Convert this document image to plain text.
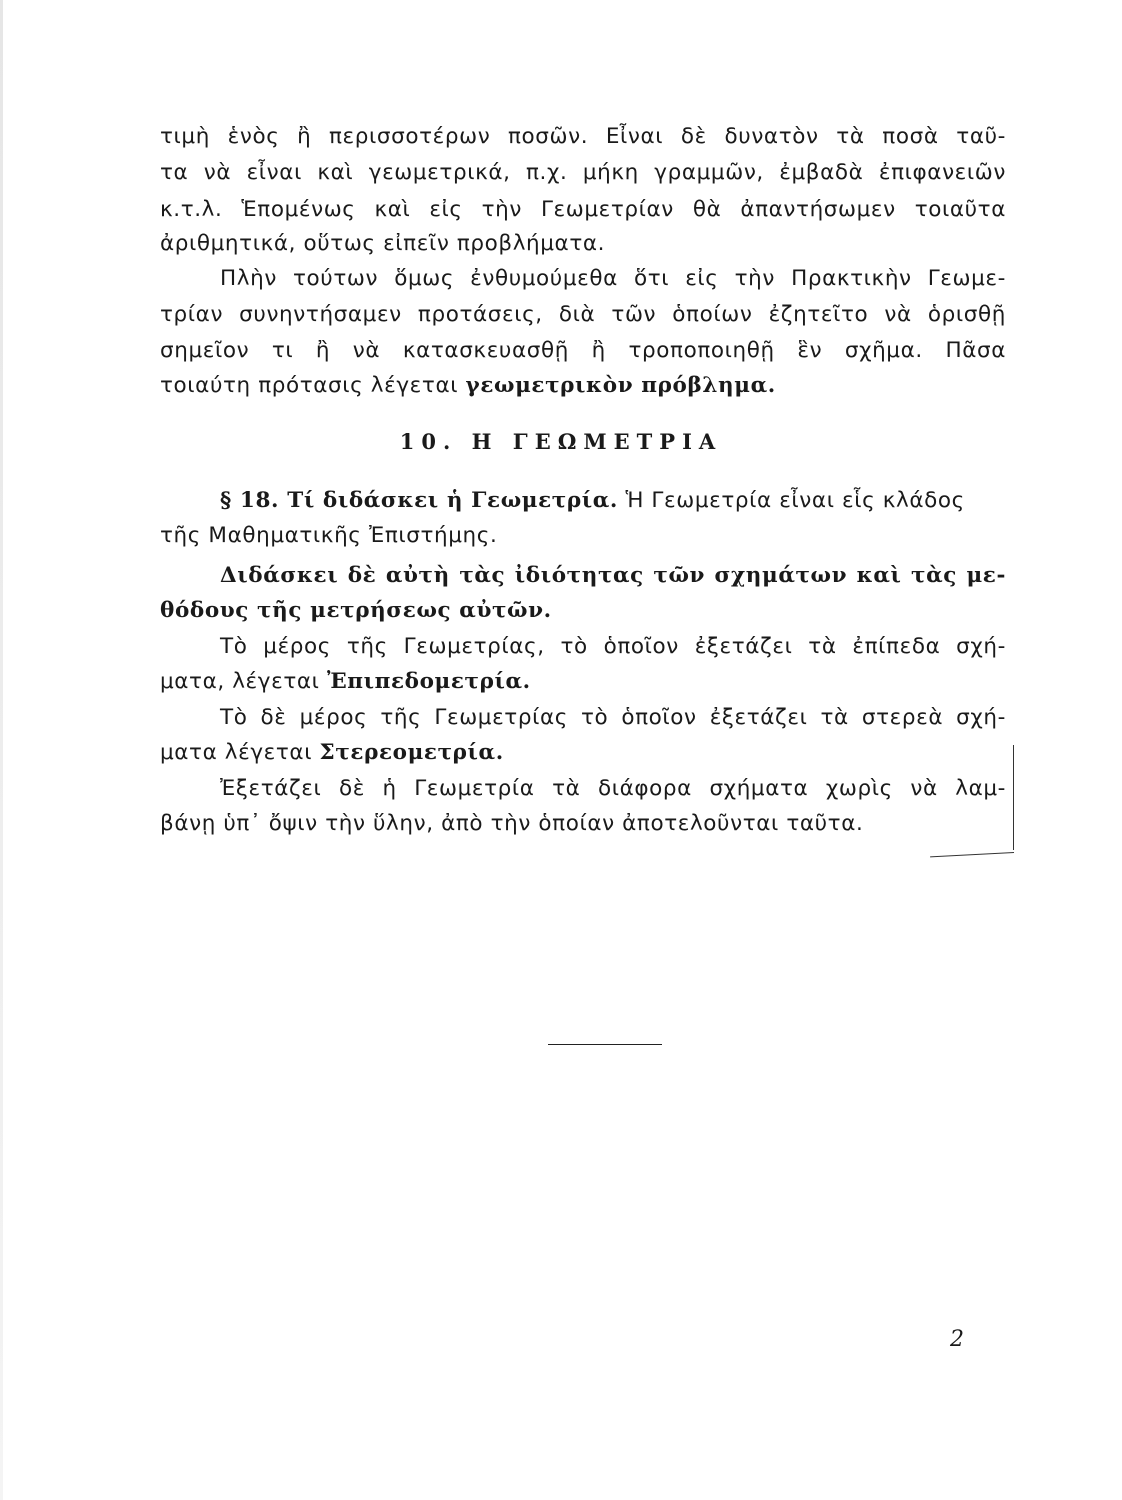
τιμὴ ἑνὸς ἢ περισσοτέρων ποσῶν. Εἶναι δὲ δυνατὸν τὰ ποσὰ ταῦ-
τα νὰ εἶναι καὶ γεωμετρικά, π.χ. μήκη γραμμῶν, ἐμβαδὰ ἐπιφανειῶν
κ.τ.λ. Ἑπομένως καὶ εἰς τὴν Γεωμετρίαν θὰ ἀπαντήσωμεν τοιαῦτα
ἀριθμητικά, οὕτως εἰπεῖν προβλήματα.
Πλὴν τούτων ὅμως ἐνθυμούμεθα ὅτι εἰς τὴν Πρακτικὴν Γεωμε-
τρίαν συνηντήσαμεν προτάσεις, διὰ τῶν ὁποίων ἐζητεῖτο νὰ ὁρισθῇ
σημεῖον τι ἢ νὰ κατασκευασθῇ ἢ τροποποιηθῇ ἓν σχῆμα. Πᾶσα
τοιαύτη πρότασις λέγεται γεωμετρικὸν πρόβλημα.
§ 18. Τί διδάσκει ἡ Γεωμετρία. Ἡ Γεωμετρία εἶναι εἷς κλάδος
τῆς Μαθηματικῆς Ἐπιστήμης.
Διδάσκει δὲ αὐτὴ τὰς ἰδιότητας τῶν σχημάτων καὶ τὰς με-
θόδους τῆς μετρήσεως αὐτῶν.
Τὸ μέρος τῆς Γεωμετρίας, τὸ ὁποῖον ἐξετάζει τὰ ἐπίπεδα σχή-
ματα, λέγεται Ἐπιπεδομετρία.
Τὸ δὲ μέρος τῆς Γεωμετρίας τὸ ὁποῖον ἐξετάζει τὰ στερεὰ σχή-
ματα λέγεται Στερεομετρία.
Ἐξετάζει δὲ ἡ Γεωμετρία τὰ διάφορα σχήματα χωρὶς νὰ λαμ-
βάνῃ ὑπ᾽ ὄψιν τὴν ὕλην, ἀπὸ τὴν ὁποίαν ἀποτελοῦνται ταῦτα.
10. Η ΓΕΩΜΕΤΡΙΑ
2
